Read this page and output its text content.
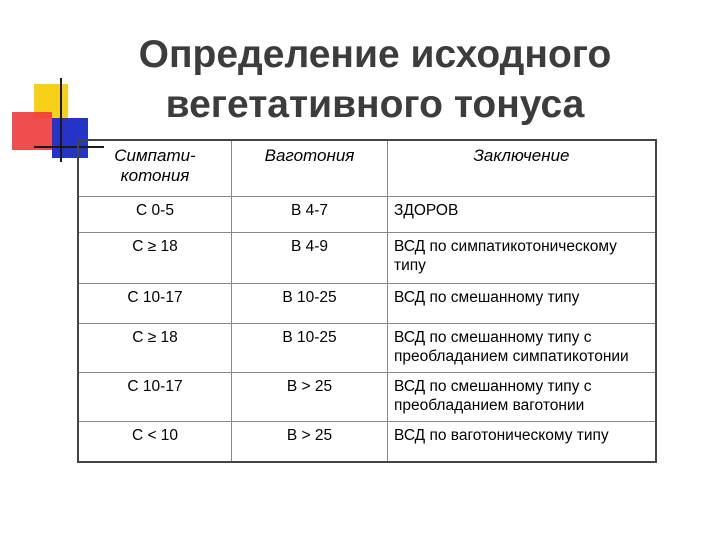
Определение исходного
вегетативного тонуса
Симпати-котония	Ваготония	Заключение
С 0-5	В 4-7	ЗДОРОВ
С ≥ 18	В 4-9	ВСД по симпатикотоническому типу
С 10-17	В 10-25	ВСД по смешанному типу
С ≥ 18	В 10-25	ВСД по смешанному типу с преобладанием симпатикотонии
С 10-17	В > 25	ВСД по смешанному типу с преобладанием ваготонии
С < 10	В > 25	ВСД по ваготоническому типу
